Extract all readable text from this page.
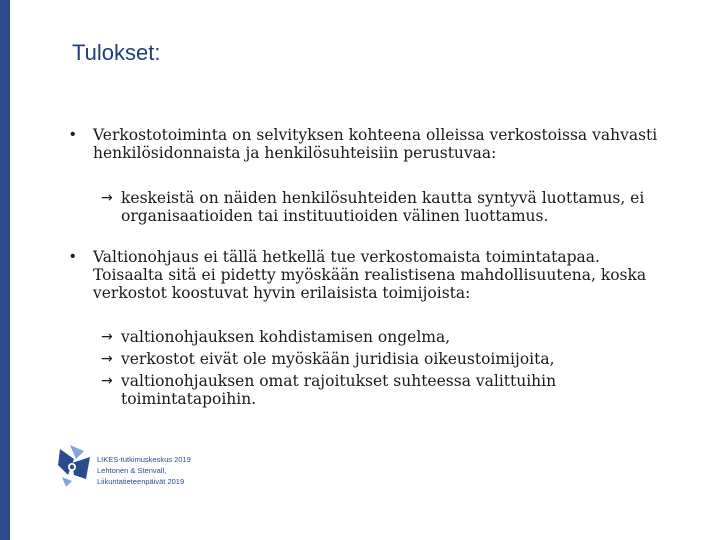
Tulokset:
• Verkostotoiminta on selvityksen kohteena olleissa verkostoissa vahvasti henkilösidonnaista ja henkilösuhteisiin perustuvaa:
→ keskeistä on näiden henkilösuhteiden kautta syntyvä luottamus, ei organisaatioiden tai instituutioiden välinen luottamus.
• Valtionohjaus ei tällä hetkellä tue verkostomaista toimintatapaa. Toisaalta sitä ei pidetty myöskään realistisena mahdollisuutena, koska verkostot koostuvat hyvin erilaisista toimijoista:
→ valtionohjauksen kohdistamisen ongelma,
→ verkostot eivät ole myöskään juridisia oikeustoimijoita,
→ valtionohjauksen omat rajoitukset suhteessa valittuihin toimintatapoihin.
LIKES-tutkimuskeskus 2019
Lehtonen & Stenvall,
Liikuntatieteenpäivät 2019
